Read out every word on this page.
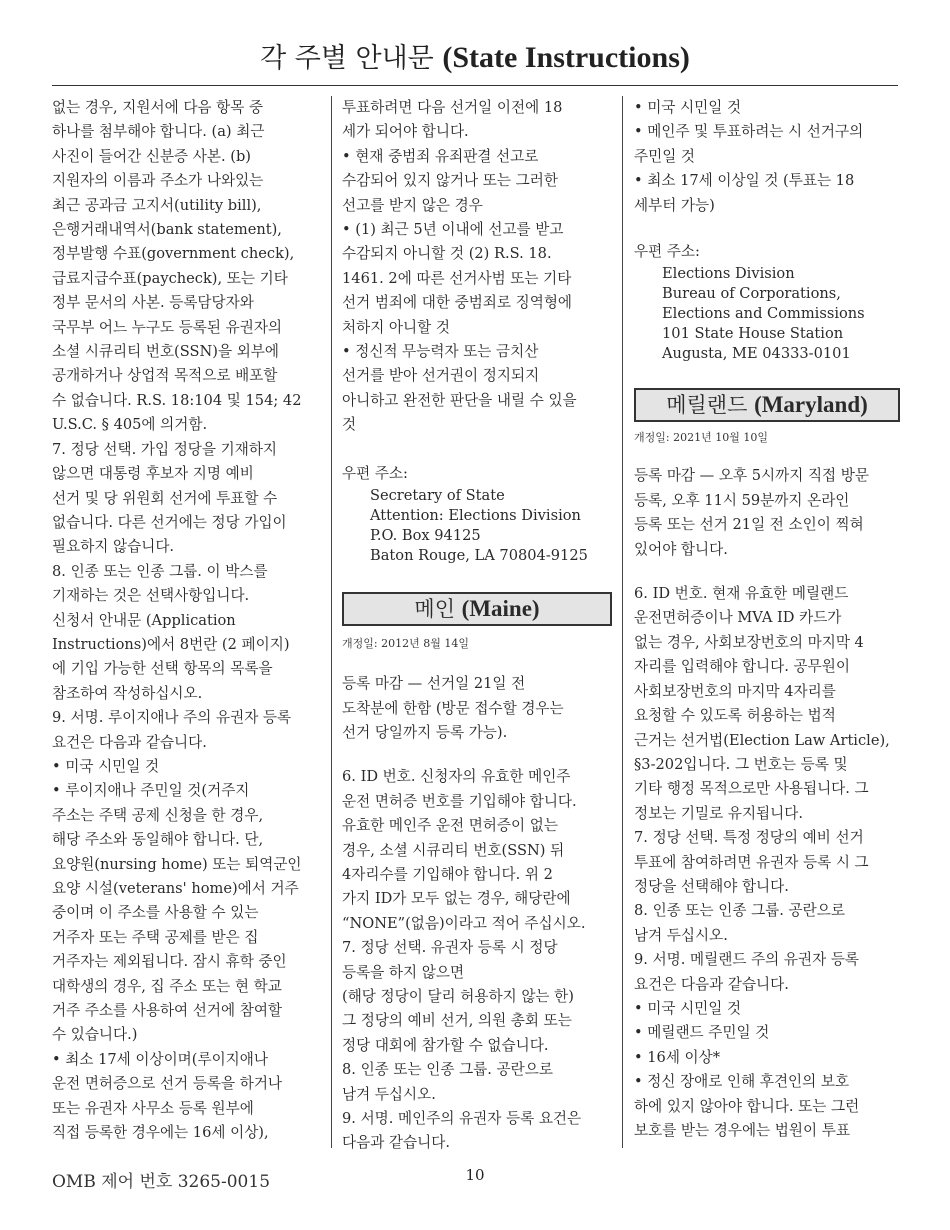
각 주별 안내문 (State Instructions)

없는 경우, 지원서에 다음 항목 중

하나를 첨부해야 합니다. (a) 최근

사진이 들어간 신분증 사본. (b)

지원자의 이름과 주소가 나와있는

최근 공과금 고지서(utility bill),

은행거래내역서(bank statement),

정부발행 수표(government check),

급료지급수표(paycheck), 또는 기타

정부 문서의 사본. 등록담당자와

국무부 어느 누구도 등록된 유권자의

소셜 시큐리티 번호(SSN)을 외부에

공개하거나 상업적 목적으로 배포할

수 없습니다. R.S. 18:104 및 154; 42

U.S.C. § 405에 의거함.

7. 정당 선택. 가입 정당을 기재하지

않으면 대통령 후보자 지명 예비

선거 및 당 위원회 선거에 투표할 수

없습니다. 다른 선거에는 정당 가입이

필요하지 않습니다.

8. 인종 또는 인종 그룹. 이 박스를

기재하는 것은 선택사항입니다.

신청서 안내문 (Application

Instructions)에서 8번란 (2 페이지)

에 기입 가능한 선택 항목의 목록을

참조하여 작성하십시오.

9. 서명. 루이지애나 주의 유권자 등록

요건은 다음과 같습니다.

• 미국 시민일 것

• 루이지애나 주민일 것(거주지

주소는 주택 공제 신청을 한 경우,

해당 주소와 동일해야 합니다. 단,

요양원(nursing home) 또는 퇴역군인

요양 시설(veterans' home)에서 거주

중이며 이 주소를 사용할 수 있는

거주자 또는 주택 공제를 받은 집

거주자는 제외됩니다. 잠시 휴학 중인

대학생의 경우, 집 주소 또는 현 학교

거주 주소를 사용하여 선거에 참여할

수 있습니다.)

• 최소 17세 이상이며(루이지애나

운전 면허증으로 선거 등록을 하거나

또는 유권자 사무소 등록 원부에

직접 등록한 경우에는 16세 이상),

투표하려면 다음 선거일 이전에 18

세가 되어야 합니다.

• 현재 중범죄 유죄판결 선고로

수감되어 있지 않거나 또는 그러한

선고를 받지 않은 경우

• (1) 최근 5년 이내에 선고를 받고

수감되지 아니할 것 (2) R.S. 18.

1461. 2에 따른 선거사범 또는 기타

선거 범죄에 대한 중범죄로 징역형에

처하지 아니할 것

• 정신적 무능력자 또는 금치산

선거를 받아 선거권이 정지되지

아니하고 완전한 판단을 내릴 수 있을

것

우편 주소:

Secretary of State

Attention: Elections Division

P.O. Box 94125

Baton Rouge, LA 70804-9125

메인 (Maine)

개정일: 2012년 8월 14일

등록 마감 — 선거일 21일 전

도착분에 한함 (방문 접수할 경우는

선거 당일까지 등록 가능).

6. ID 번호. 신청자의 유효한 메인주

운전 면허증 번호를 기입해야 합니다.

유효한 메인주 운전 면허증이 없는

경우, 소셜 시큐리티 번호(SSN) 뒤

4자리수를 기입해야 합니다. 위 2

가지 ID가 모두 없는 경우, 해당란에

“NONE”(없음)이라고 적어 주십시오.

7. 정당 선택. 유권자 등록 시 정당

등록을 하지 않으면

(해당 정당이 달리 허용하지 않는 한)

그 정당의 예비 선거, 의원 총회 또는

정당 대회에 참가할 수 없습니다.

8. 인종 또는 인종 그룹. 공란으로

남겨 두십시오.

9. 서명. 메인주의 유권자 등록 요건은

다음과 같습니다.

• 미국 시민일 것

• 메인주 및 투표하려는 시 선거구의

주민일 것

• 최소 17세 이상일 것 (투표는 18

세부터 가능)

우편 주소:

Elections Division

Bureau of Corporations,

Elections and Commissions

101 State House Station

Augusta, ME 04333-0101

메릴랜드 (Maryland)

개정일: 2021년 10월 10일

등록 마감 — 오후 5시까지 직접 방문

등록, 오후 11시 59분까지 온라인

등록 또는 선거 21일 전 소인이 찍혀

있어야 합니다.

6. ID 번호. 현재 유효한 메릴랜드

운전면허증이나 MVA ID 카드가

없는 경우, 사회보장번호의 마지막 4

자리를 입력해야 합니다. 공무원이

사회보장번호의 마지막 4자리를

요청할 수 있도록 허용하는 법적

근거는 선거법(Election Law Article),

§3-202입니다. 그 번호는 등록 및

기타 행정 목적으로만 사용됩니다. 그

정보는 기밀로 유지됩니다.

7. 정당 선택. 특정 정당의 예비 선거

투표에 참여하려면 유권자 등록 시 그

정당을 선택해야 합니다.

8. 인종 또는 인종 그룹. 공란으로

남겨 두십시오.

9. 서명. 메릴랜드 주의 유권자 등록

요건은 다음과 같습니다.

• 미국 시민일 것

• 메릴랜드 주민일 것

• 16세 이상*

• 정신 장애로 인해 후견인의 보호

하에 있지 않아야 합니다. 또는 그런

보호를 받는 경우에는 법원이 투표

OMB 제어 번호 3265-0015	10
